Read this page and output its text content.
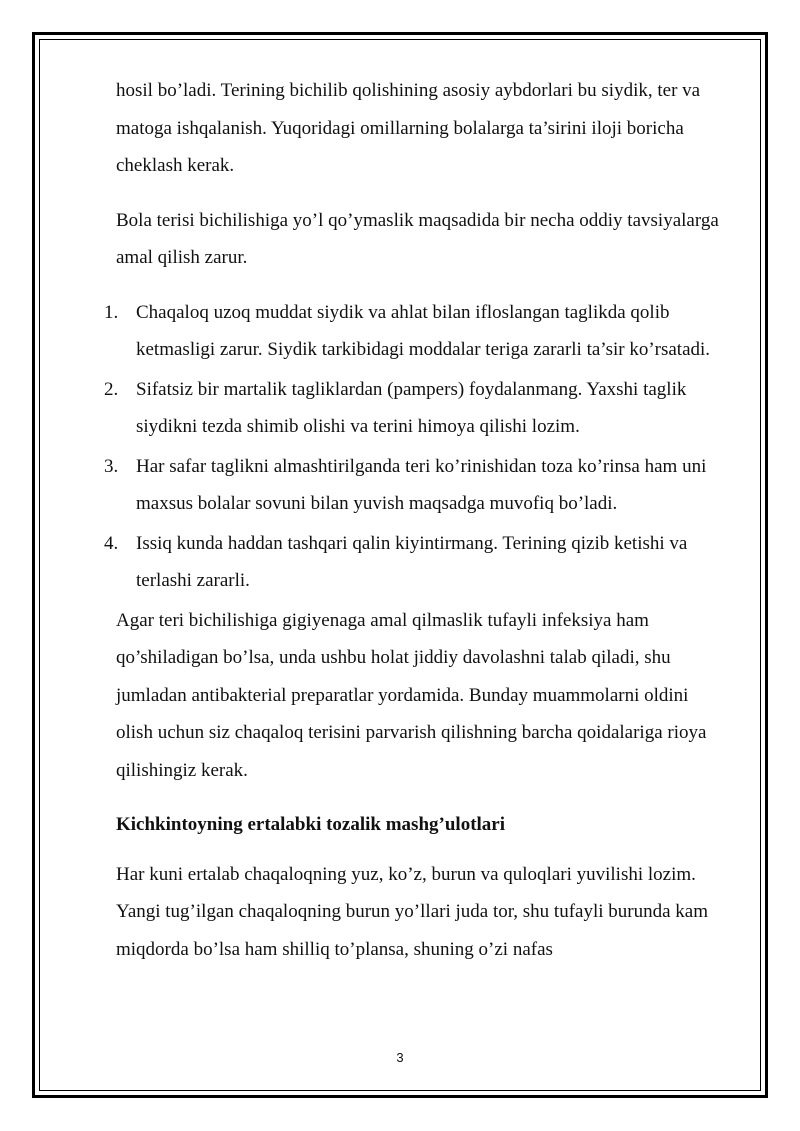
hosil bo’ladi. Terining bichilib qolishining asosiy aybdorlari bu siydik, ter va matoga ishqalanish. Yuqoridagi omillarning bolalarga ta’sirini iloji boricha cheklash kerak.

Bola terisi bichilishiga yo’l qo’ymaslik maqsadida bir necha oddiy tavsiyalarga amal qilish zarur.

1. Chaqaloq uzoq muddat siydik va ahlat bilan ifloslangan taglikda qolib ketmasligi zarur. Siydik tarkibidagi moddalar teriga zararli ta’sir ko’rsatadi.
2. Sifatsiz bir martalik tagliklardan (pampers) foydalanmang. Yaxshi taglik siydikni tezda shimib olishi va terini himoya qilishi lozim.
3. Har safar taglikni almashtirilganda teri ko’rinishidan toza ko’rinsa ham uni maxsus bolalar sovuni bilan yuvish maqsadga muvofiq bo’ladi.
4. Issiq kunda haddan tashqari qalin kiyintirmang. Terining qizib ketishi va terlashi zararli.

Agar teri bichilishiga gigiyenaga amal qilmaslik tufayli infeksiya ham qo’shiladigan bo’lsa, unda ushbu holat jiddiy davolashni talab qiladi, shu jumladan antibakterial preparatlar yordamida. Bunday muammolarni oldini olish uchun siz chaqaloq terisini parvarish qilishning barcha qoidalariga rioya qilishingiz kerak.

Kichkintoyning ertalabki tozalik mashg’ulotlari

Har kuni ertalab chaqaloqning yuz, ko’z, burun va quloqlari yuvilishi lozim. Yangi tug’ilgan chaqaloqning burun yo’llari juda tor, shu tufayli burunda kam miqdorda bo’lsa ham shilliq to’plansa, shuning o’zi nafas

3
